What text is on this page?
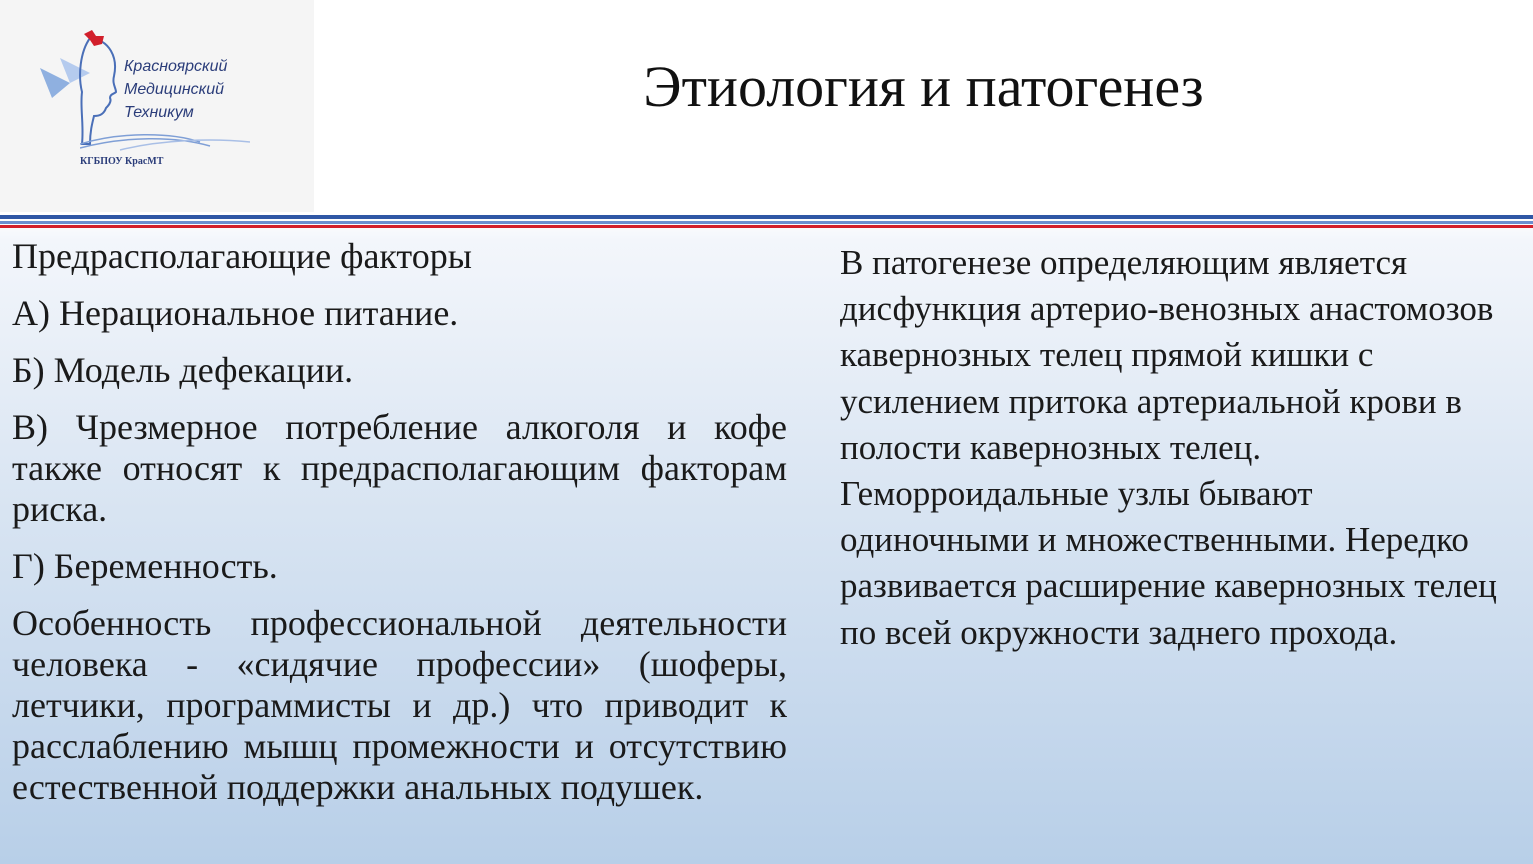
Красноярский
Медицинский
Техникум
КГБПОУ КрасМТ
Этиология и патогенез

Предрасполагающие факторы

А) Нерациональное питание.

Б) Модель дефекации.

В) Чрезмерное потребление алкоголя и кофе также относят к предрасполагающим факторам риска.

Г) Беременность.

Особенность профессиональной деятельности человека - «сидячие профессии» (шоферы, летчики, программисты и др.) что приводит к расслаблению мышц промежности и отсутствию естественной поддержки анальных подушек.

В патогенезе определяющим является дисфункция артерио-венозных анастомозов кавернозных телец прямой кишки с усилением притока артериальной крови в полости кавернозных телец. Геморроидальные узлы бывают одиночными и множественными. Нередко развивается расширение кавернозных телец по всей окружности заднего прохода.
